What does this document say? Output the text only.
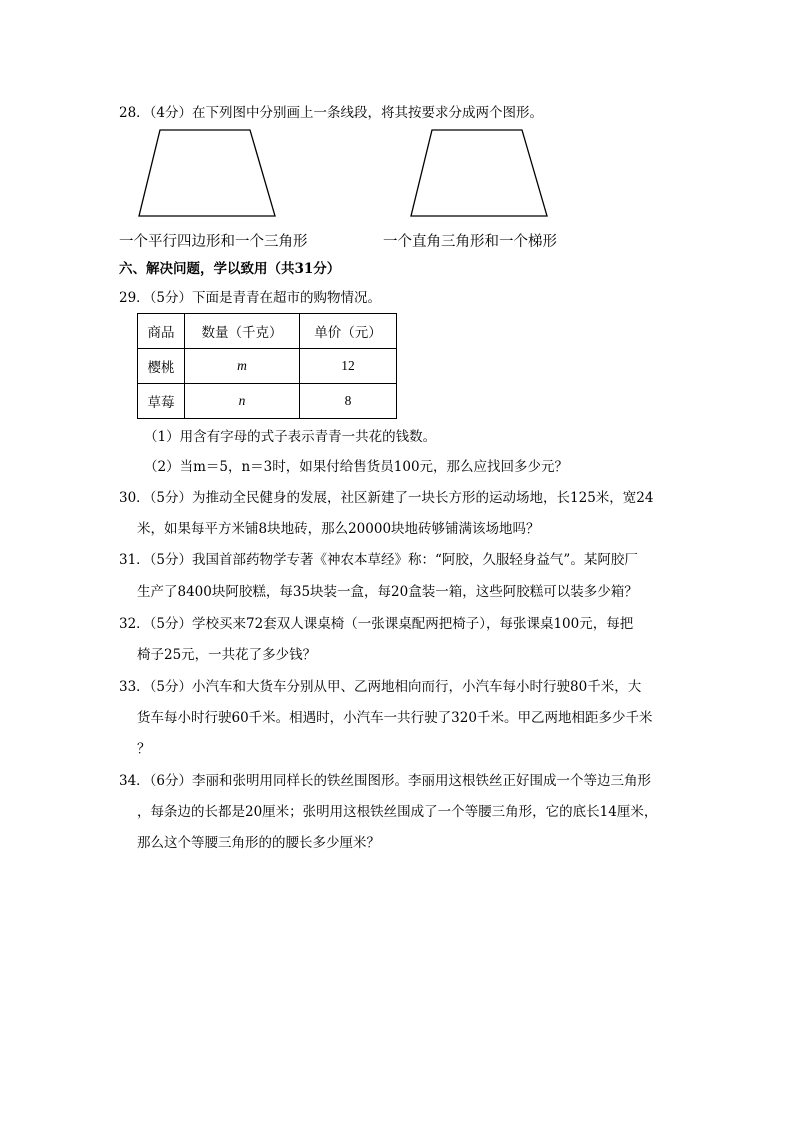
28．（4分）在下列图中分别画上一条线段，将其按要求分成两个图形。
一个平行四边形和一个三角形	一个直角三角形和一个梯形
六、解决问题，学以致用（共31分）
29．（5分）下面是青青在超市的购物情况。
商品	数量（千克）	单价（元）
樱桃	m	12
草莓	n	8
（1）用含有字母的式子表示青青一共花的钱数。
（2）当m＝5，n＝3时，如果付给售货员100元，那么应找回多少元？
30．（5分）为推动全民健身的发展，社区新建了一块长方形的运动场地，长125米，宽24
米，如果每平方米铺8块地砖，那么20000块地砖够铺满该场地吗？
31．（5分）我国首部药物学专著《神农本草经》称：“阿胶，久服轻身益气”。某阿胶厂
生产了8400块阿胶糕，每35块装一盒，每20盒装一箱，这些阿胶糕可以装多少箱？
32．（5分）学校买来72套双人课桌椅（一张课桌配两把椅子），每张课桌100元，每把
椅子25元，一共花了多少钱？
33．（5分）小汽车和大货车分别从甲、乙两地相向而行，小汽车每小时行驶80千米，大
货车每小时行驶60千米。相遇时，小汽车一共行驶了320千米。甲乙两地相距多少千米
？
34．（6分）李丽和张明用同样长的铁丝围图形。李丽用这根铁丝正好围成一个等边三角形
，每条边的长都是20厘米；张明用这根铁丝围成了一个等腰三角形，它的底长14厘米，
那么这个等腰三角形的的腰长多少厘米？
